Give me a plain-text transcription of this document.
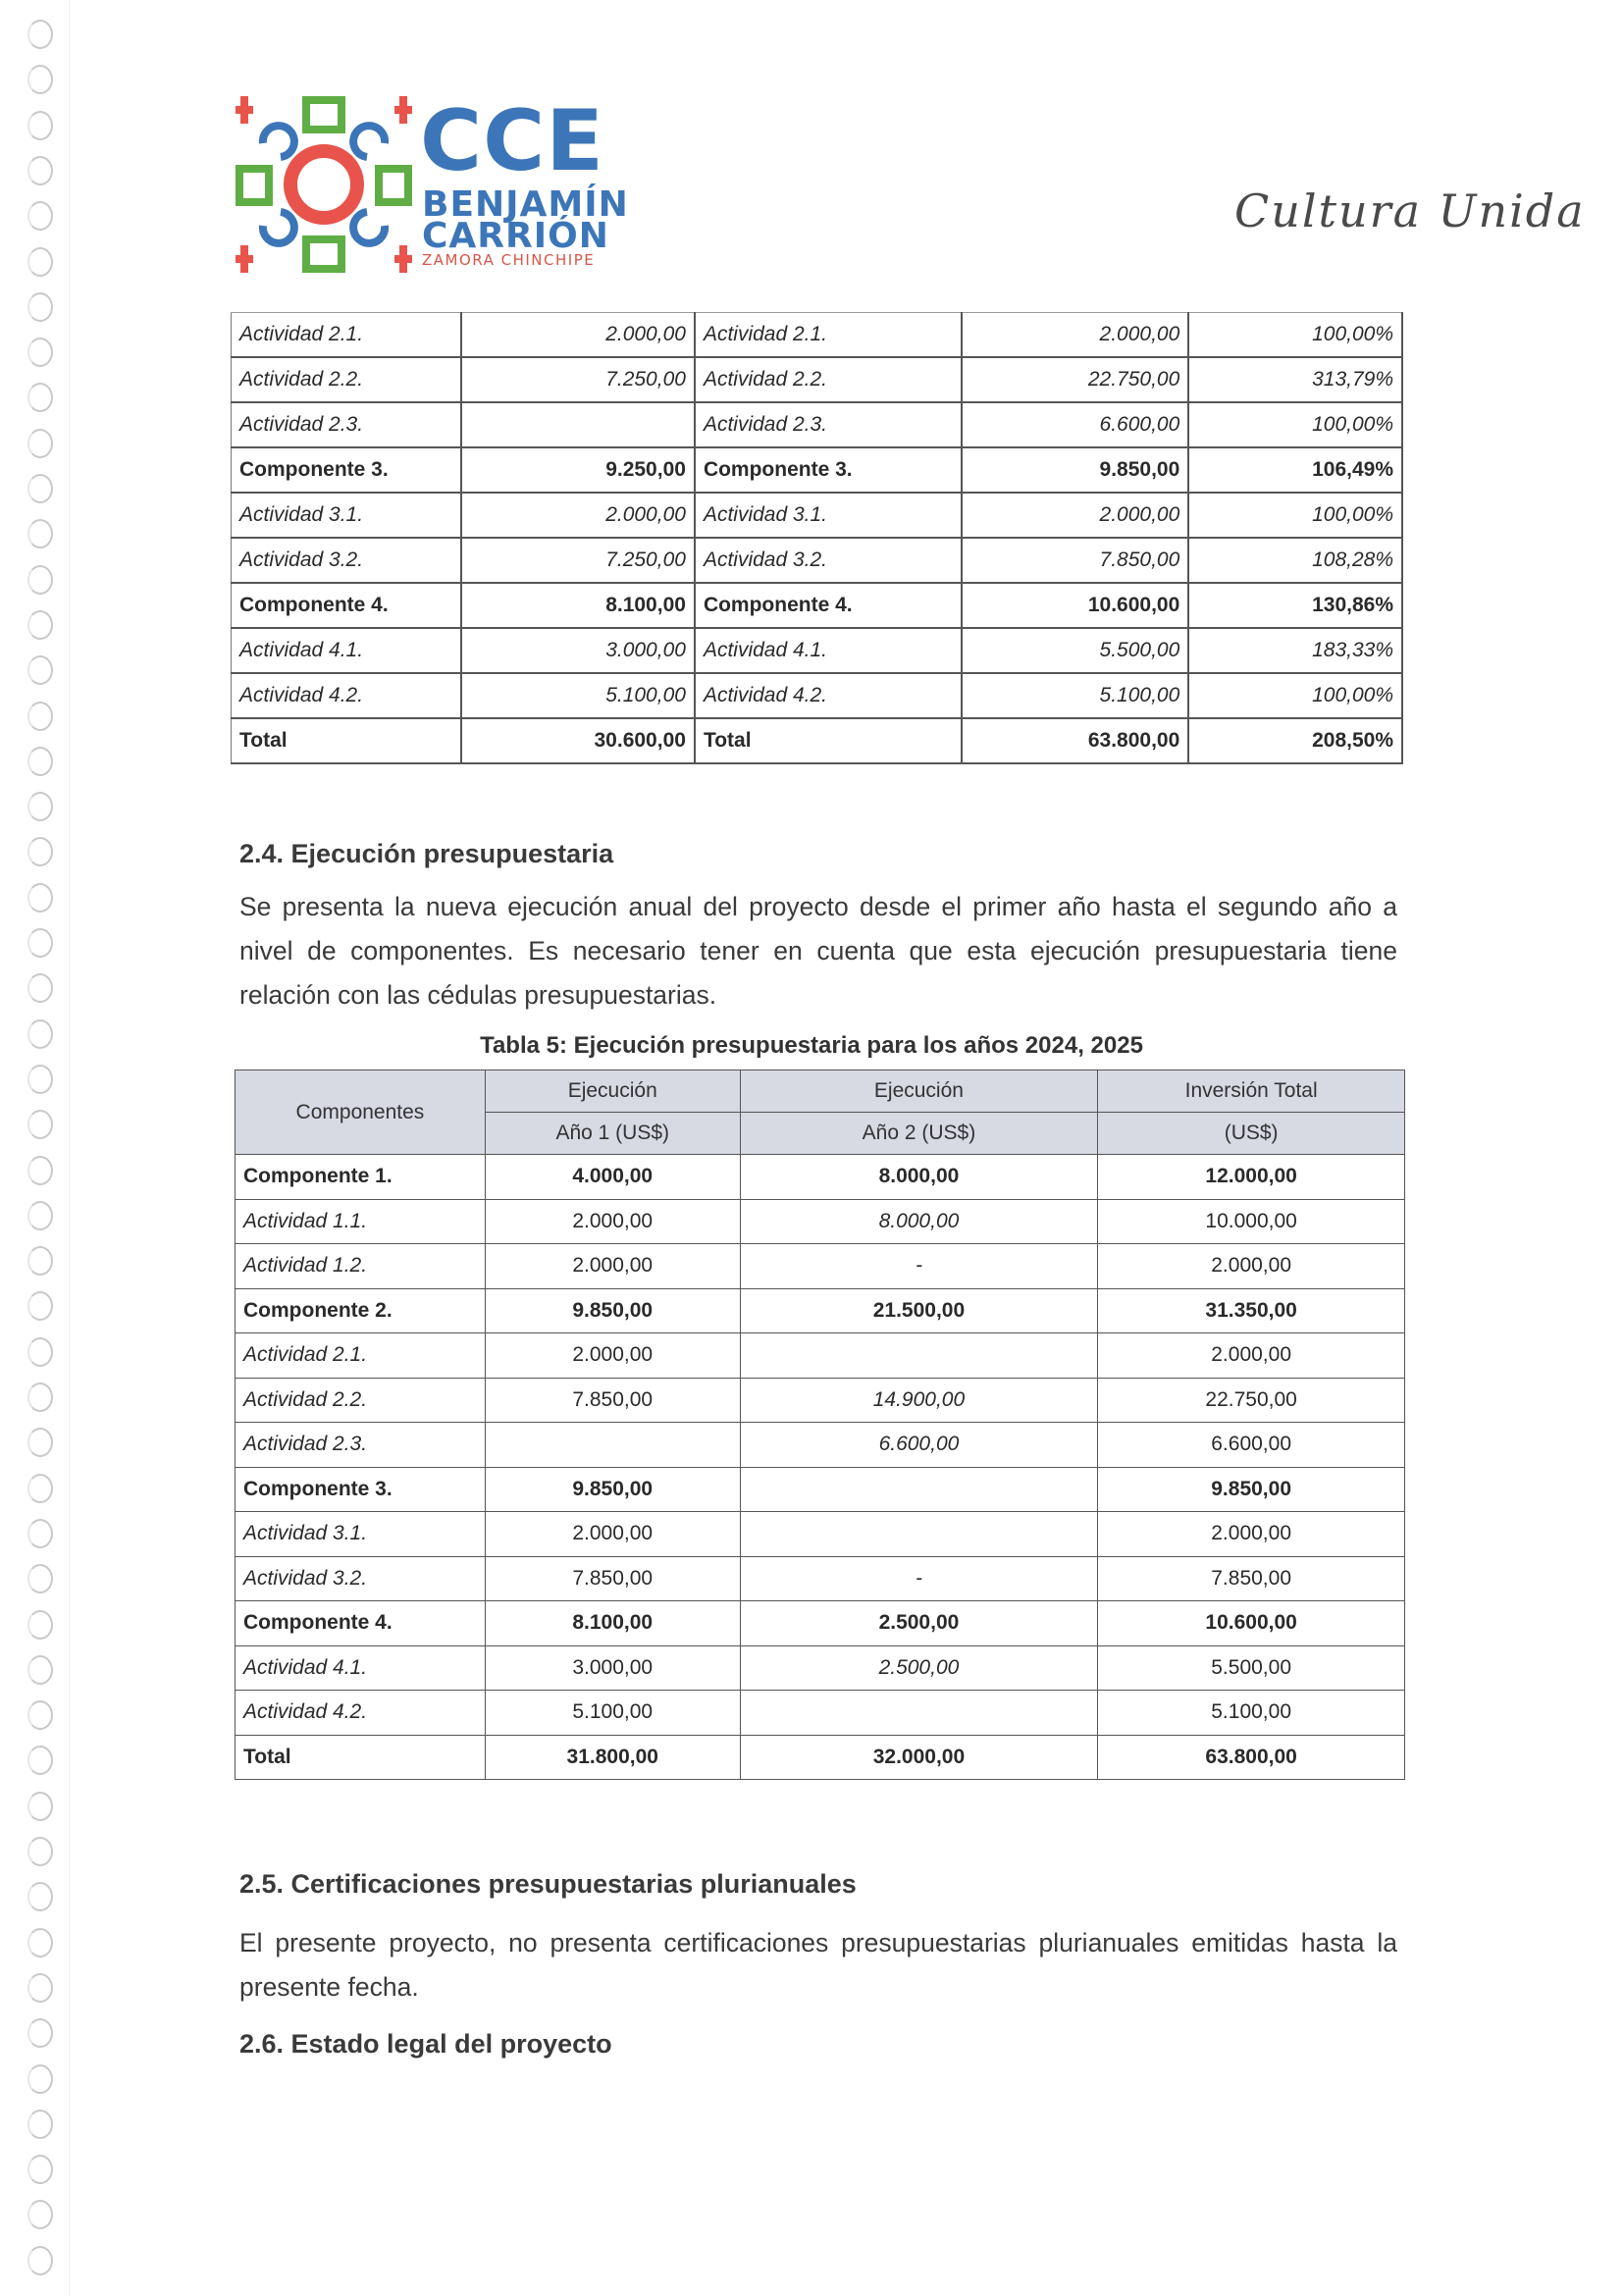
CCE
BENJAMÍN
CARRIÓN
ZAMORA CHINCHIPE
Cultura Unida
Actividad 2.1.	2.000,00	Actividad 2.1.	2.000,00	100,00%
Actividad 2.2.	7.250,00	Actividad 2.2.	22.750,00	313,79%
Actividad 2.3.		Actividad 2.3.	6.600,00	100,00%
Componente 3.	9.250,00	Componente 3.	9.850,00	106,49%
Actividad 3.1.	2.000,00	Actividad 3.1.	2.000,00	100,00%
Actividad 3.2.	7.250,00	Actividad 3.2.	7.850,00	108,28%
Componente 4.	8.100,00	Componente 4.	10.600,00	130,86%
Actividad 4.1.	3.000,00	Actividad 4.1.	5.500,00	183,33%
Actividad 4.2.	5.100,00	Actividad 4.2.	5.100,00	100,00%
Total	30.600,00	Total	63.800,00	208,50%
2.4. Ejecución presupuestaria
Se presenta la nueva ejecución anual del proyecto desde el primer año hasta el segundo año a nivel de componentes. Es necesario tener en cuenta que esta ejecución presupuestaria tiene relación con las cédulas presupuestarias.
Tabla 5: Ejecución presupuestaria para los años 2024, 2025
Componentes	Ejecución	Ejecución	Inversión Total
	Año 1 (US$)	Año 2 (US$)	(US$)
Componente 1.	4.000,00	8.000,00	12.000,00
Actividad 1.1.	2.000,00	8.000,00	10.000,00
Actividad 1.2.	2.000,00	-	2.000,00
Componente 2.	9.850,00	21.500,00	31.350,00
Actividad 2.1.	2.000,00		2.000,00
Actividad 2.2.	7.850,00	14.900,00	22.750,00
Actividad 2.3.		6.600,00	6.600,00
Componente 3.	9.850,00		9.850,00
Actividad 3.1.	2.000,00		2.000,00
Actividad 3.2.	7.850,00	-	7.850,00
Componente 4.	8.100,00	2.500,00	10.600,00
Actividad 4.1.	3.000,00	2.500,00	5.500,00
Actividad 4.2.	5.100,00		5.100,00
Total	31.800,00	32.000,00	63.800,00
2.5. Certificaciones presupuestarias plurianuales
El presente proyecto, no presenta certificaciones presupuestarias plurianuales emitidas hasta la presente fecha.
2.6. Estado legal del proyecto
